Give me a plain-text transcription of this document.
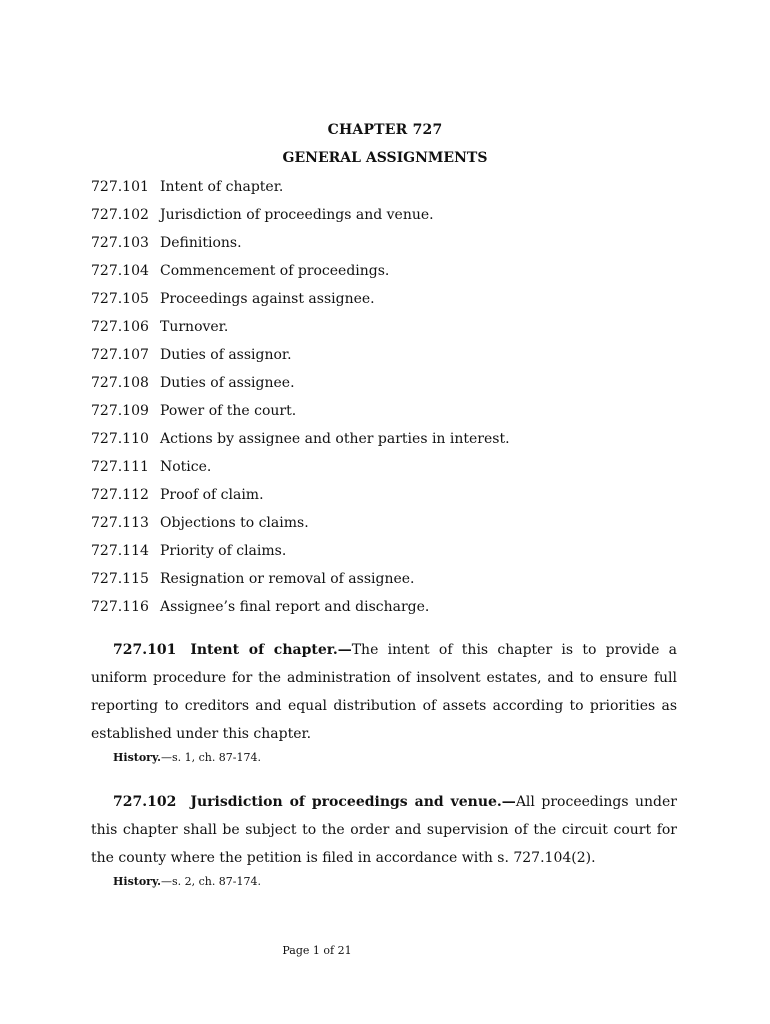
CHAPTER 727
GENERAL ASSIGNMENTS
727.101 Intent of chapter.
727.102 Jurisdiction of proceedings and venue.
727.103 Definitions.
727.104 Commencement of proceedings.
727.105 Proceedings against assignee.
727.106 Turnover.
727.107 Duties of assignor.
727.108 Duties of assignee.
727.109 Power of the court.
727.110 Actions by assignee and other parties in interest.
727.111 Notice.
727.112 Proof of claim.
727.113 Objections to claims.
727.114 Priority of claims.
727.115 Resignation or removal of assignee.
727.116 Assignee’s final report and discharge.

727.101 Intent of chapter.—The intent of this chapter is to provide a uniform procedure for the administration of insolvent estates, and to ensure full reporting to creditors and equal distribution of assets according to priorities as established under this chapter.

History.—s. 1, ch. 87-174.

727.102 Jurisdiction of proceedings and venue.—All proceedings under this chapter shall be subject to the order and supervision of the circuit court for the county where the petition is filed in accordance with s. 727.104(2).

History.—s. 2, ch. 87-174.
Page 1 of 21
